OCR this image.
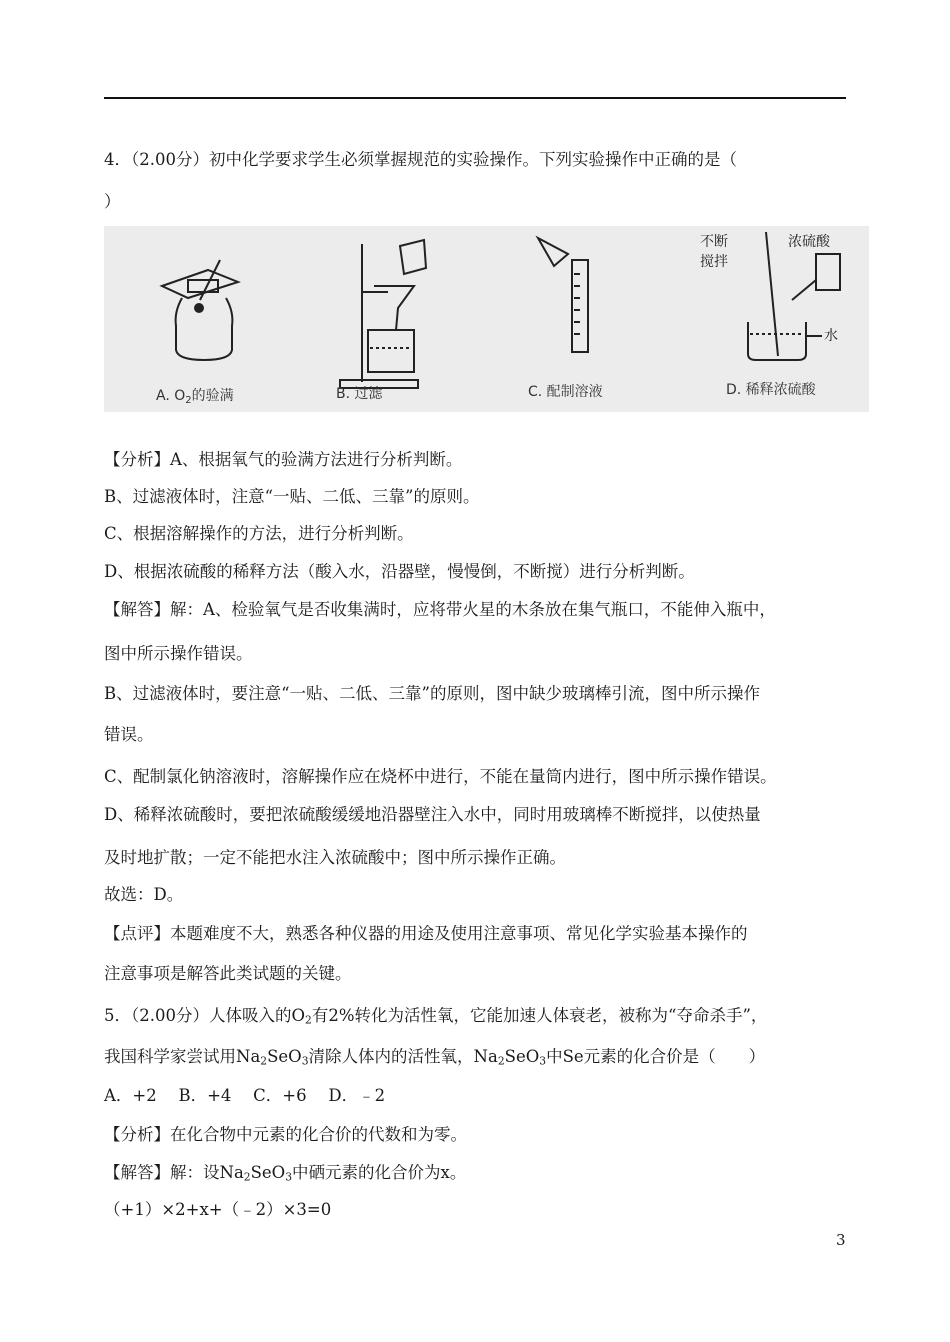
4．（2.00分）初中化学要求学生必须掌握规范的实验操作。下列实验操作中正确的是（
）
不断
搅拌
浓硫酸
水
A. $O_2$的验满	B. 过滤	C. 配制溶液	D. 稀释浓硫酸
【分析】A、根据氧气的验满方法进行分析判断。
B、过滤液体时，注意“一贴、二低、三靠”的原则。
C、根据溶解操作的方法，进行分析判断。
D、根据浓硫酸的稀释方法（酸入水，沿器壁，慢慢倒，不断搅）进行分析判断。
【解答】解：A、检验氧气是否收集满时，应将带火星的木条放在集气瓶口，不能伸入瓶中，
图中所示操作错误。
B、过滤液体时，要注意“一贴、二低、三靠”的原则，图中缺少玻璃棒引流，图中所示操作
错误。
C、配制氯化钠溶液时，溶解操作应在烧杯中进行，不能在量筒内进行，图中所示操作错误。
D、稀释浓硫酸时，要把浓硫酸缓缓地沿器壁注入水中，同时用玻璃棒不断搅拌，以使热量
及时地扩散；一定不能把水注入浓硫酸中；图中所示操作正确。
故选：D。
【点评】本题难度不大，熟悉各种仪器的用途及使用注意事项、常见化学实验基本操作的
注意事项是解答此类试题的关键。
5．（2.00分）人体吸入的$O_2$有2%转化为活性氧，它能加速人体衰老，被称为“夺命杀手”，
我国科学家尝试用$Na_2SeO_3$清除人体内的活性氧，$Na_2SeO_3$中Se元素的化合价是（　　）
A．+2　 B．+4　 C．+6　 D．﹣2
【分析】在化合物中元素的化合价的代数和为零。
【解答】解：设$Na_2SeO_3$中硒元素的化合价为x。
（+1）×2+x+（﹣2）×3=0
3
